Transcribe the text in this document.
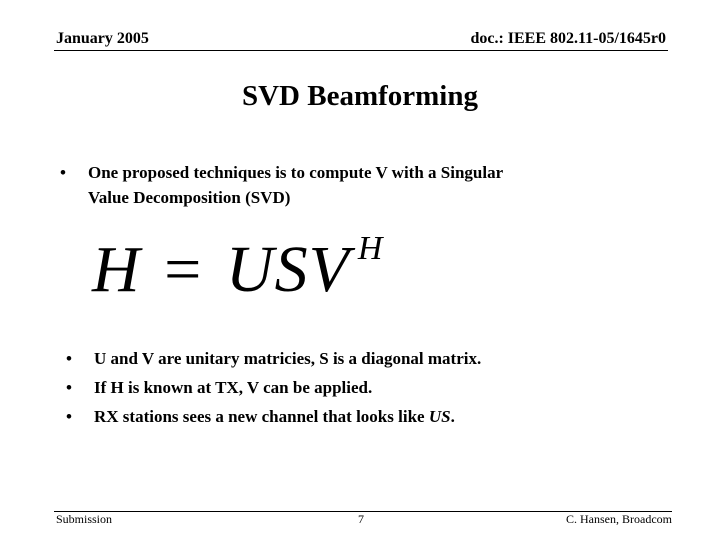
January 2005	doc.: IEEE 802.11-05/1645r0
SVD Beamforming
• One proposed techniques is to compute V with a Singular
Value Decomposition (SVD)
H = USV $^H$
• U and V are unitary matricies, S is a diagonal matrix.
• If H is known at TX, V can be applied.
• RX stations sees a new channel that looks like US.
Submission	7	C. Hansen, Broadcom
